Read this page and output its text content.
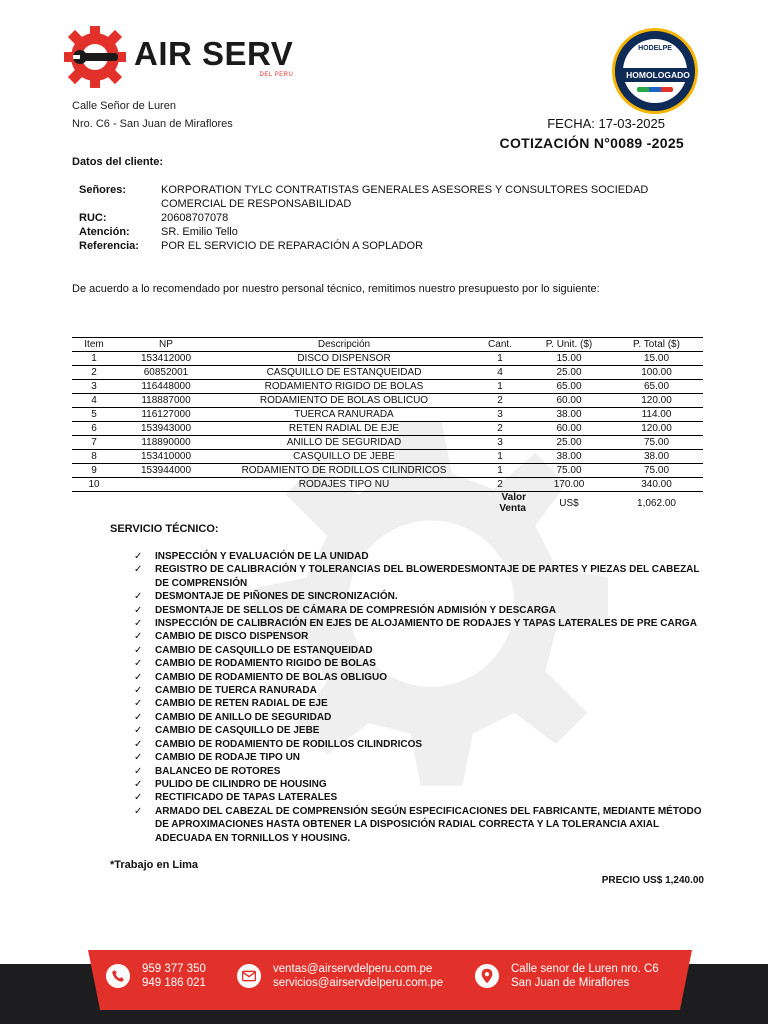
AIR SERV
DEL PERU
HODELPE
HOMOLOGADO
Calle Señor de Luren
Nro. C6 - San Juan de Miraflores	FECHA: 17-03-2025
COTIZACIÓN N°0089 -2025
Datos del cliente:
Señores:	KORPORATION TYLC CONTRATISTAS GENERALES ASESORES Y CONSULTORES SOCIEDAD COMERCIAL DE RESPONSABILIDAD
RUC:	20608707078
Atención:	SR. Emilio Tello
Referencia:	POR EL SERVICIO DE REPARACIÓN A SOPLADOR
De acuerdo a lo recomendado por nuestro personal técnico, remitimos nuestro presupuesto por lo siguiente:
Item	NP	Descripción	Cant.	P. Unit. ($)	P. Total ($)
1	153412000	DISCO DISPENSOR	1	15.00	15.00
2	60852001	CASQUILLO DE ESTANQUEIDAD	4	25.00	100.00
3	116448000	RODAMIENTO RIGIDO DE BOLAS	1	65.00	65.00
4	118887000	RODAMIENTO DE BOLAS OBLICUO	2	60.00	120.00
5	116127000	TUERCA RANURADA	3	38.00	114.00
6	153943000	RETEN RADIAL DE EJE	2	60.00	120.00
7	118890000	ANILLO DE SEGURIDAD	3	25.00	75.00
8	153410000	CASQUILLO DE JEBE	1	38.00	38.00
9	153944000	RODAMIENTO DE RODILLOS CILINDRICOS	1	75.00	75.00
10		RODAJES TIPO NU	2	170.00	340.00
			Valor Venta	US$	1,062.00
SERVICIO TÉCNICO:
✓ INSPECCIÓN Y EVALUACIÓN DE LA UNIDAD
✓ REGISTRO DE CALIBRACIÓN Y TOLERANCIAS DEL BLOWERDESMONTAJE DE PARTES Y PIEZAS DEL CABEZAL DE COMPRENSIÓN
✓ DESMONTAJE DE PIÑONES DE SINCRONIZACIÓN.
✓ DESMONTAJE DE SELLOS DE CÁMARA DE COMPRESIÓN ADMISIÓN Y DESCARGA
✓ INSPECCIÓN DE CALIBRACIÓN EN EJES DE ALOJAMIENTO DE RODAJES Y TAPAS LATERALES DE PRE CARGA
✓ CAMBIO DE DISCO DISPENSOR
✓ CAMBIO DE CASQUILLO DE ESTANQUEIDAD
✓ CAMBIO DE RODAMIENTO RIGIDO DE BOLAS
✓ CAMBIO DE RODAMIENTO DE BOLAS OBLIGUO
✓ CAMBIO DE TUERCA RANURADA
✓ CAMBIO DE RETEN RADIAL DE EJE
✓ CAMBIO DE ANILLO DE SEGURIDAD
✓ CAMBIO DE CASQUILLO DE JEBE
✓ CAMBIO DE RODAMIENTO DE RODILLOS CILINDRICOS
✓ CAMBIO DE RODAJE TIPO UN
✓ BALANCEO DE ROTORES
✓ PULIDO DE CILINDRO DE HOUSING
✓ RECTIFICADO DE TAPAS LATERALES
✓ ARMADO DEL CABEZAL DE COMPRENSIÓN SEGÚN ESPECIFICACIONES DEL FABRICANTE, MEDIANTE MÉTODO DE APROXIMACIONES HASTA OBTENER LA DISPOSICIÓN RADIAL CORRECTA Y LA TOLERANCIA AXIAL ADECUADA EN TORNILLOS Y HOUSING.
*Trabajo en Lima
PRECIO US$ 1,240.00
959 377 350
949 186 021
ventas@airservdelperu.com.pe
servicios@airservdelperu.com.pe
Calle senor de Luren nro. C6
San Juan de Miraflores
